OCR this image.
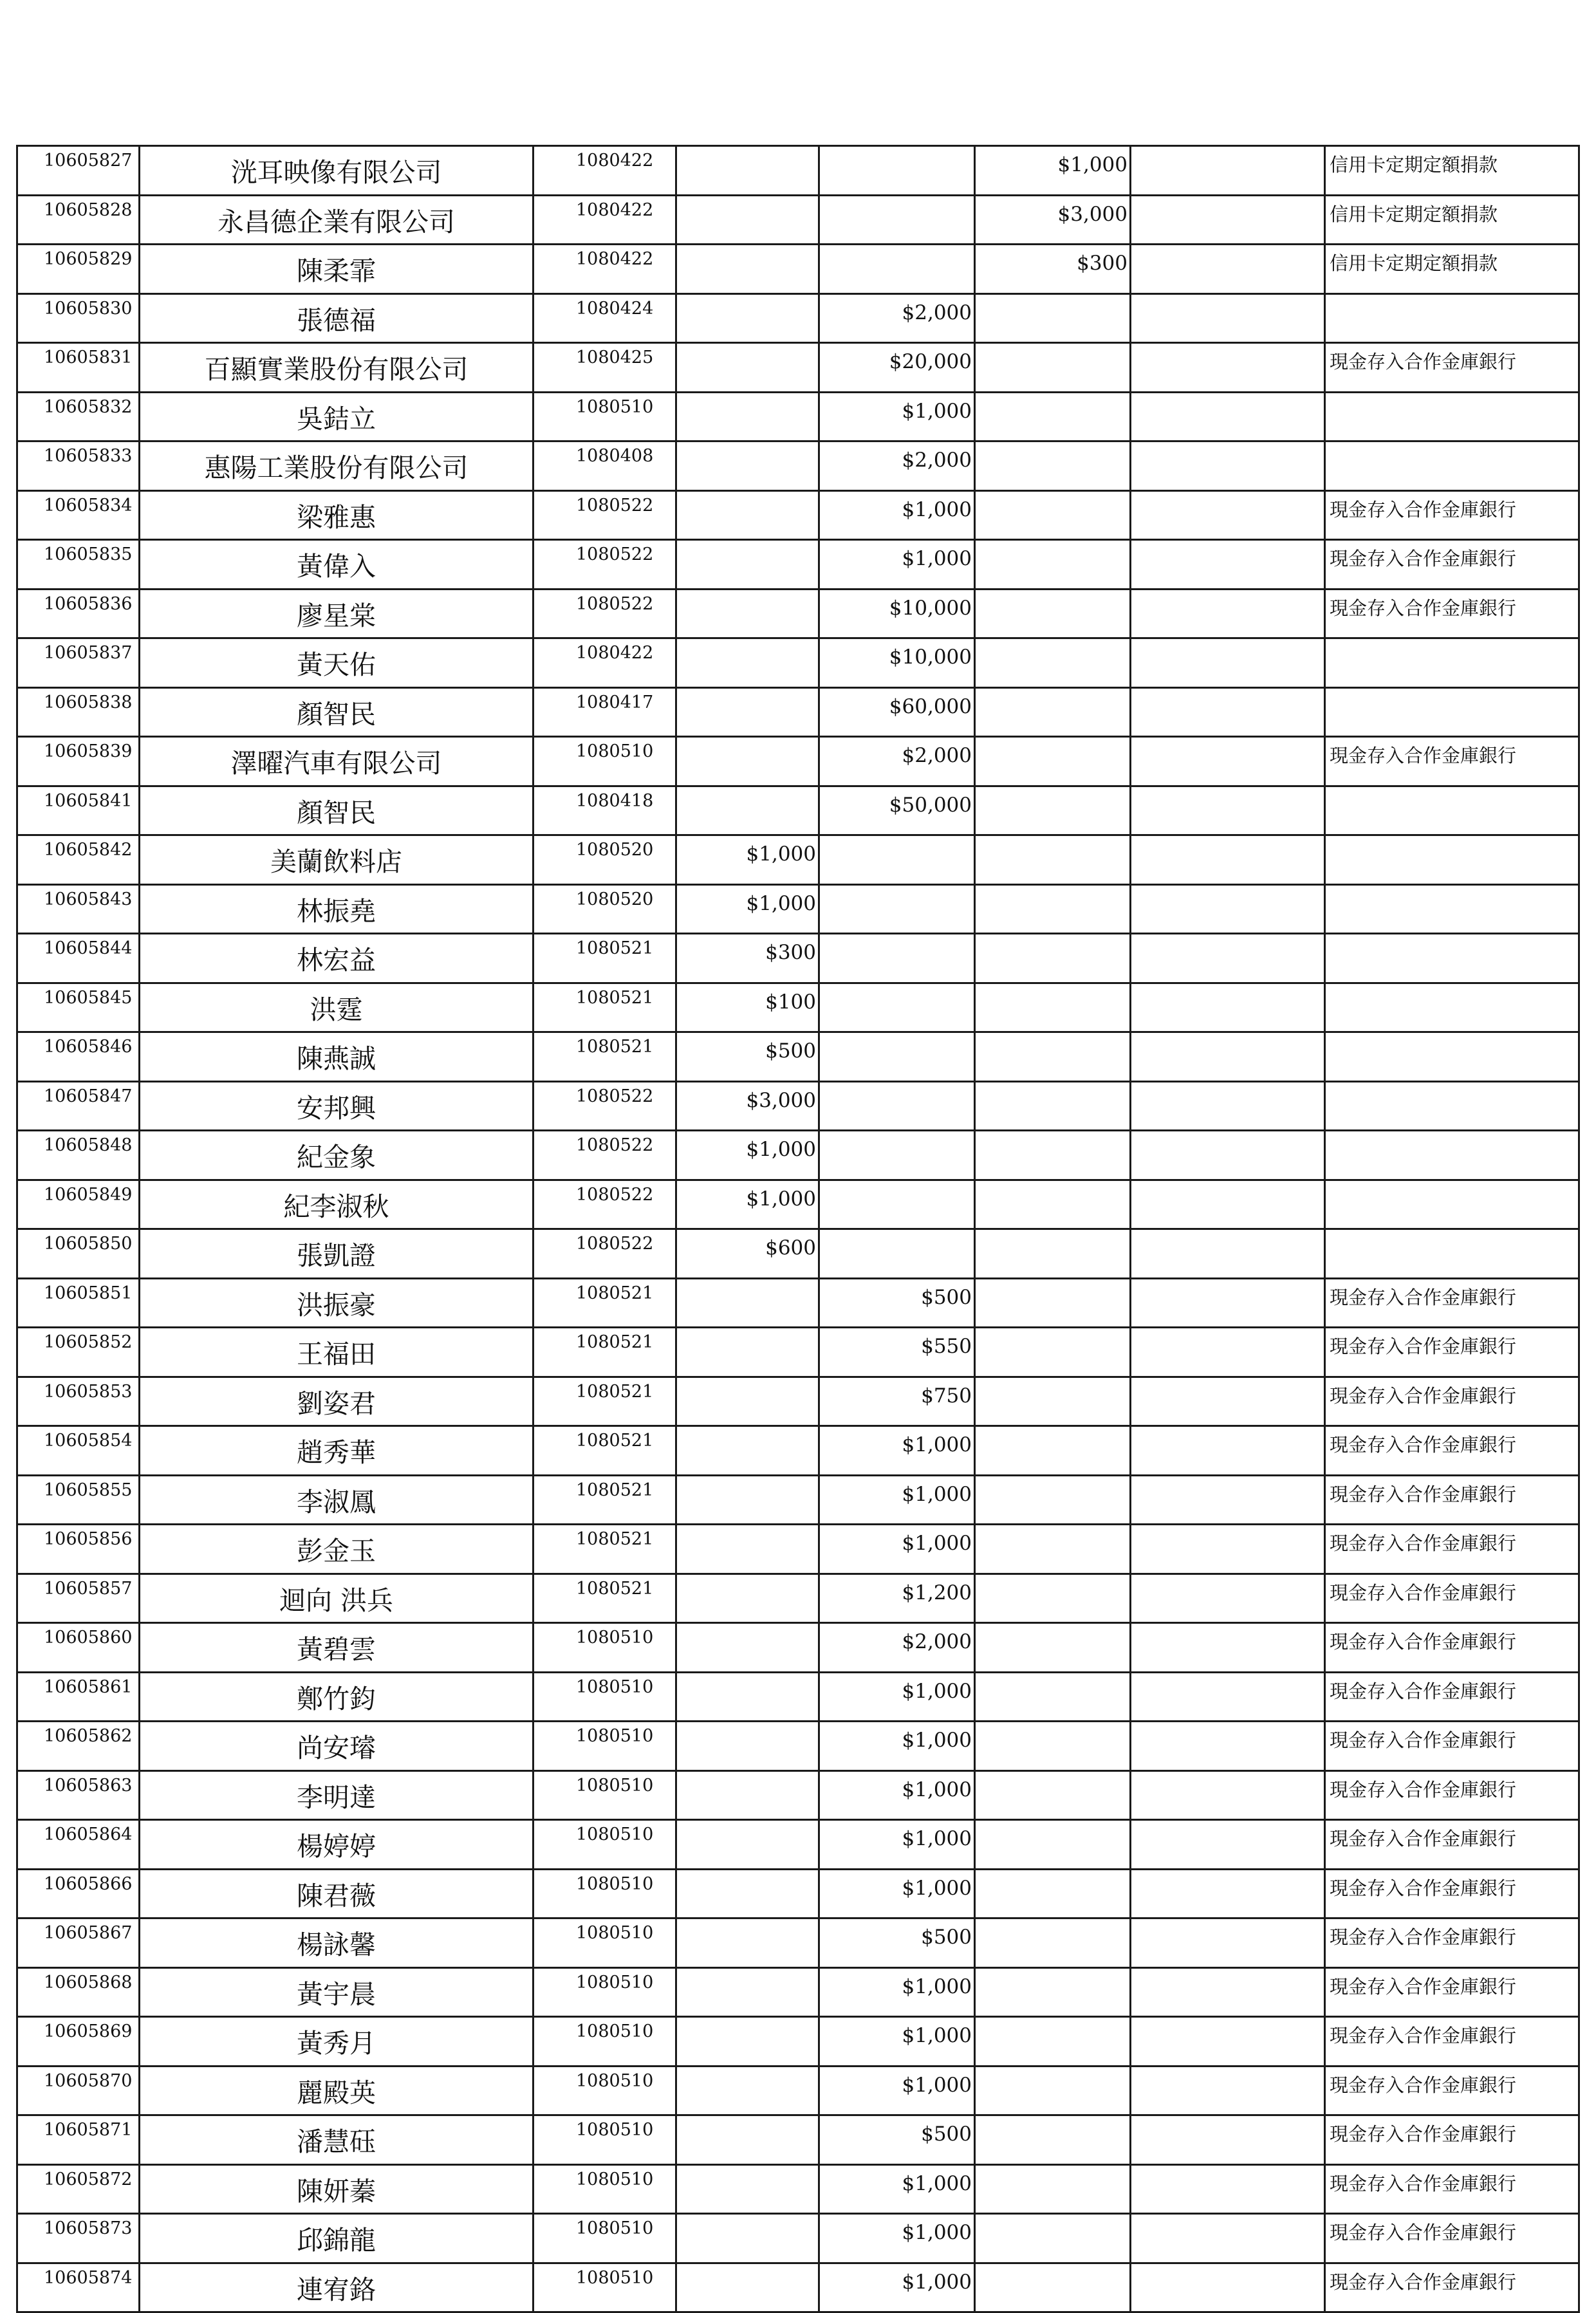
10605827	洸耳映像有限公司	1080422			$1,000		信用卡定期定額捐款
10605828	永昌德企業有限公司	1080422			$3,000		信用卡定期定額捐款
10605829	陳柔霏	1080422			$300		信用卡定期定額捐款
10605830	張德福	1080424		$2,000			
10605831	百顯實業股份有限公司	1080425		$20,000			現金存入合作金庫銀行
10605832	吳銡立	1080510		$1,000			
10605833	惠陽工業股份有限公司	1080408		$2,000			
10605834	梁雅惠	1080522		$1,000			現金存入合作金庫銀行
10605835	黃偉入	1080522		$1,000			現金存入合作金庫銀行
10605836	廖星棠	1080522		$10,000			現金存入合作金庫銀行
10605837	黃天佑	1080422		$10,000			
10605838	顏智民	1080417		$60,000			
10605839	澤曜汽車有限公司	1080510		$2,000			現金存入合作金庫銀行
10605841	顏智民	1080418		$50,000			
10605842	美蘭飲料店	1080520	$1,000				
10605843	林振堯	1080520	$1,000				
10605844	林宏益	1080521	$300				
10605845	洪霆	1080521	$100				
10605846	陳燕誠	1080521	$500				
10605847	安邦興	1080522	$3,000				
10605848	紀金象	1080522	$1,000				
10605849	紀李淑秋	1080522	$1,000				
10605850	張凱證	1080522	$600				
10605851	洪振豪	1080521		$500			現金存入合作金庫銀行
10605852	王福田	1080521		$550			現金存入合作金庫銀行
10605853	劉姿君	1080521		$750			現金存入合作金庫銀行
10605854	趙秀華	1080521		$1,000			現金存入合作金庫銀行
10605855	李淑鳳	1080521		$1,000			現金存入合作金庫銀行
10605856	彭金玉	1080521		$1,000			現金存入合作金庫銀行
10605857	迴向 洪兵	1080521		$1,200			現金存入合作金庫銀行
10605860	黃碧雲	1080510		$2,000			現金存入合作金庫銀行
10605861	鄭竹鈞	1080510		$1,000			現金存入合作金庫銀行
10605862	尚安璿	1080510		$1,000			現金存入合作金庫銀行
10605863	李明達	1080510		$1,000			現金存入合作金庫銀行
10605864	楊婷婷	1080510		$1,000			現金存入合作金庫銀行
10605866	陳君薇	1080510		$1,000			現金存入合作金庫銀行
10605867	楊詠馨	1080510		$500			現金存入合作金庫銀行
10605868	黃宇晨	1080510		$1,000			現金存入合作金庫銀行
10605869	黃秀月	1080510		$1,000			現金存入合作金庫銀行
10605870	麗殿英	1080510		$1,000			現金存入合作金庫銀行
10605871	潘慧砡	1080510		$500			現金存入合作金庫銀行
10605872	陳妍蓁	1080510		$1,000			現金存入合作金庫銀行
10605873	邱錦龍	1080510		$1,000			現金存入合作金庫銀行
10605874	連宥鉻	1080510		$1,000			現金存入合作金庫銀行
